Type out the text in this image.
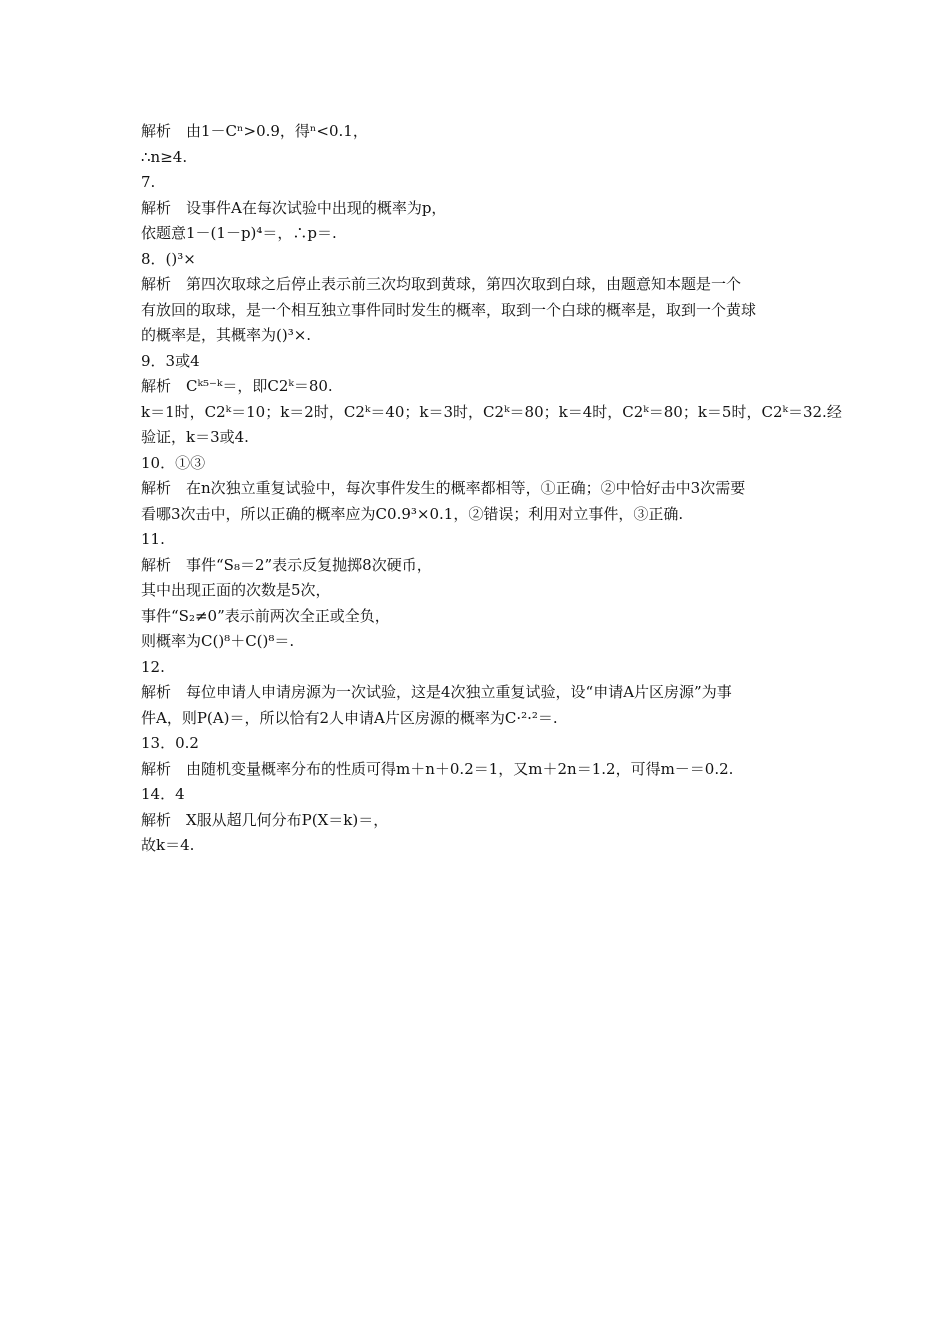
解析　由1－Cⁿ>0.9，得ⁿ<0.1，
∴n≥4.
7.
解析　设事件A在每次试验中出现的概率为p，
依题意1－(1－p)⁴＝，∴p＝.
8．()³×
解析　第四次取球之后停止表示前三次均取到黄球，第四次取到白球，由题意知本题是一个
有放回的取球，是一个相互独立事件同时发生的概率，取到一个白球的概率是，取到一个黄球
的概率是，其概率为()³×.
9．3或4
解析　Cᵏ⁵⁻ᵏ＝，即C2ᵏ＝80.
k＝1时，C2ᵏ＝10；k＝2时，C2ᵏ＝40；k＝3时，C2ᵏ＝80；k＝4时，C2ᵏ＝80；k＝5时，C2ᵏ＝32.经
验证，k＝3或4.
10．①③
解析　在n次独立重复试验中，每次事件发生的概率都相等，①正确；②中恰好击中3次需要
看哪3次击中，所以正确的概率应为C0.9³×0.1，②错误；利用对立事件，③正确.
11.
解析　事件“S₈＝2”表示反复抛掷8次硬币，
其中出现正面的次数是5次，
事件“S₂≠0”表示前两次全正或全负，
则概率为C()⁸＋C()⁸＝.
12.
解析　每位申请人申请房源为一次试验，这是4次独立重复试验，设“申请A片区房源”为事
件A，则P(A)＝，所以恰有2人申请A片区房源的概率为C·²·²＝.
13．0.2
解析　由随机变量概率分布的性质可得m＋n＋0.2＝1，又m＋2n＝1.2，可得m－＝0.2.
14．4
解析　X服从超几何分布P(X＝k)＝，
故k＝4.
